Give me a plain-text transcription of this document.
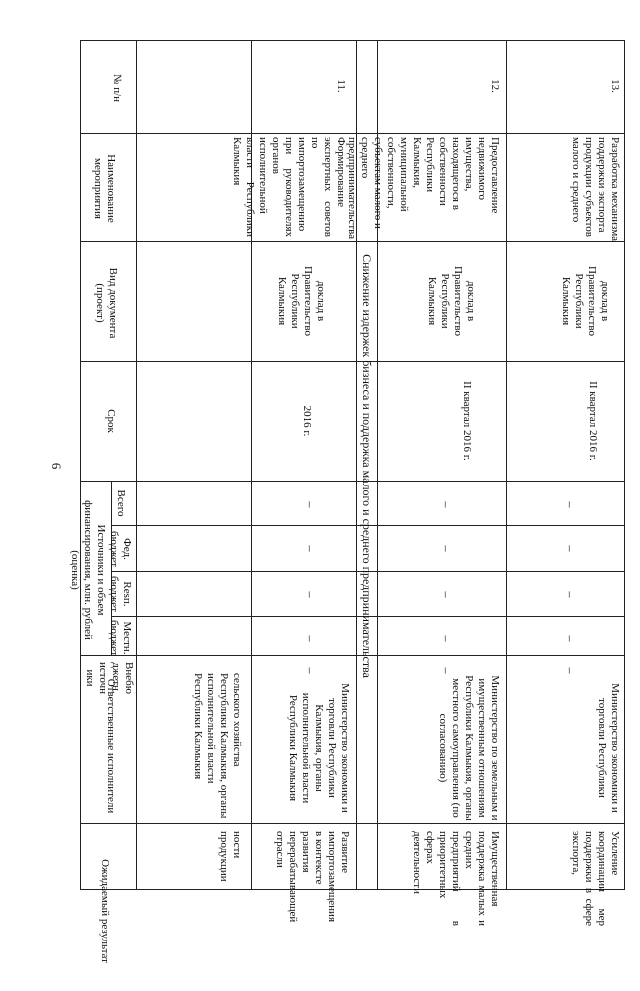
6
№ п/н
Наименование мероприятия
Вид документа (проект)
Срок
Источники и объем финансирования, млн. рублей (оценка)
Всего
Фед. бюджет
Resп. бюджет
Местн. бюджет
Внебю джетн. источн ики
Ответственные исполнители
Ожидаемый результат
сельского хозяйства Республики Калмыкия, органы исполнительной власти Республики Калмыкия
ности продукции
11.
Формирование экспертных советов по импортозамещению при руководителях органов исполнительной власти Республики Калмыкия
доклад в Правительство Республики Калмыкия
2016 г.
–
–
–
–
–
Министерство экономики и торговли Республики Калмыкия, органы исполнительной власти Республики Калмыкия
Развитие импортозамещения в контексте развития перерабатывающей отрасли
Снижение издержек бизнеса и поддержка малого и среднего предпринимательства
12.
Предоставление недвижимого имущества, находящегося в собственности Республики Калмыкия, муниципальной собственности, субъектам малого и среднего предпринимательства
доклад в Правительство Республики Калмыкия
II квартал 2016 г.
–
–
–
–
–
Министерство по земельным и имущественным отношениям Республики Калмыкия, органы местного самоуправления (по согласованию)
Имущественная поддержка малых и средних предприятий в приоритетных сферах деятельности
13.
Разработка механизма поддержки экспорта продукции субъектов малого и среднего
доклад в Правительство Республики Калмыкия
II квартал 2016 г.
–
–
–
–
–
Министерство экономики и торговли Республики
Усиление координации мер поддержки в сфере экспорта,
